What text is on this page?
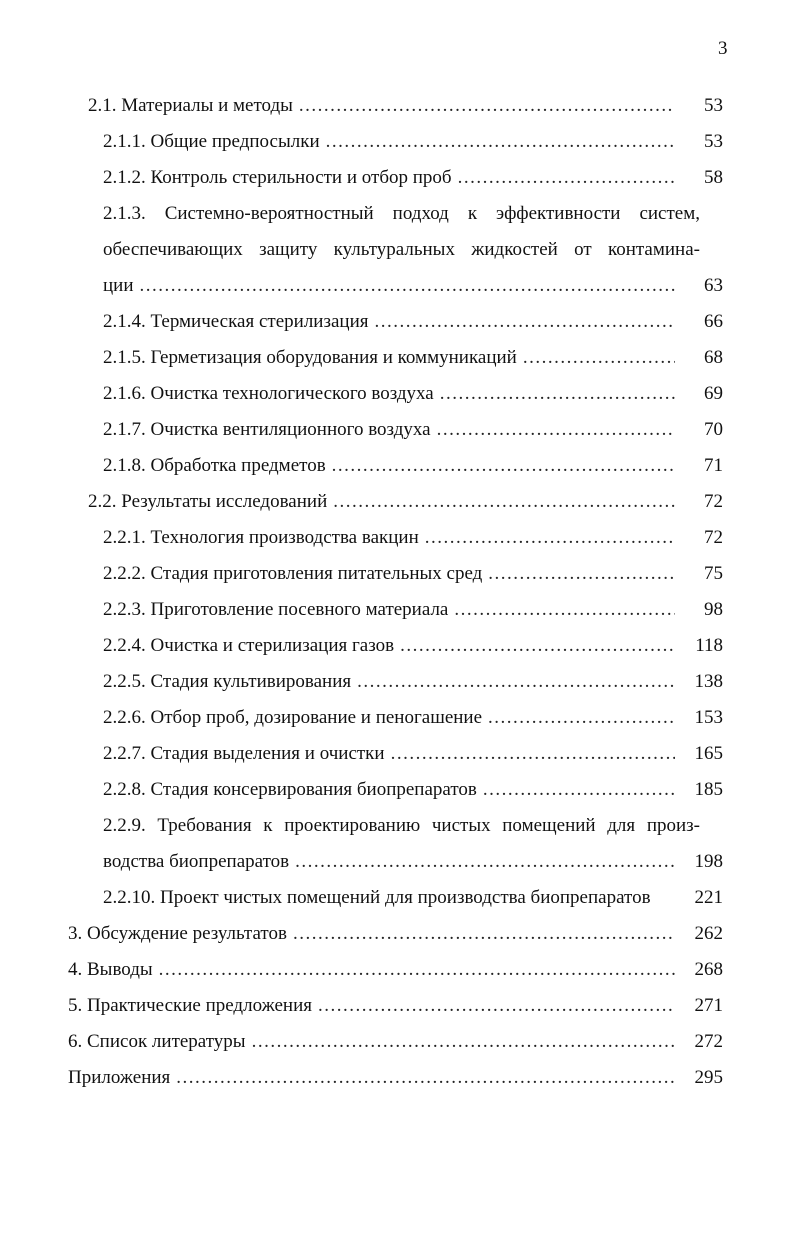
3
2.1. Материалы и методы .....	53
2.1.1. Общие предпосылки .....	53
2.1.2. Контроль стерильности и отбор проб .....	58
2.1.3. Системно-вероятностный подход к эффективности систем,
обеспечивающих защиту культуральных жидкостей от контамина-
ции .....	63
2.1.4. Термическая стерилизация .....	66
2.1.5. Герметизация оборудования и коммуникаций .....	68
2.1.6. Очистка технологического воздуха .....	69
2.1.7. Очистка вентиляционного воздуха .....	70
2.1.8. Обработка предметов .....	71
2.2. Результаты исследований .....	72
2.2.1. Технология производства вакцин .....	72
2.2.2. Стадия приготовления питательных сред .....	75
2.2.3. Приготовление посевного материала .....	98
2.2.4. Очистка и стерилизация газов .....	118
2.2.5. Стадия культивирования .....	138
2.2.6. Отбор проб, дозирование и пеногашение .....	153
2.2.7. Стадия выделения и очистки .....	165
2.2.8. Стадия консервирования биопрепаратов .....	185
2.2.9. Требования к проектированию чистых помещений для произ-
водства биопрепаратов .....	198
2.2.10. Проект чистых помещений для производства биопрепаратов	221
3. Обсуждение результатов .....	262
4. Выводы .....	268
5. Практические предложения .....	271
6. Список литературы .....	272
Приложения .....	295
